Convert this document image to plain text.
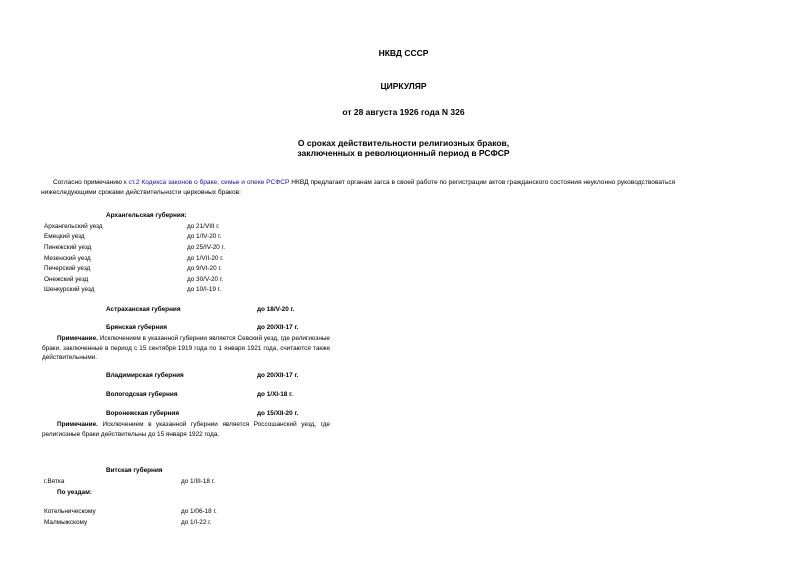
НКВД СССР
ЦИРКУЛЯР
от 28 августа 1926 года N 326
О сроках действительности религиозных браков,
заключенных в революционный период в РСФСР
Согласно примечанию к ст.2 Кодекса законов о браке, семье и опеке РСФСР НКВД предлагает органам загса в своей работе по регистрации актов гражданского состояния неуклонно руководствоваться
нижеследующими сроками действительности церковных браков:
Архангельская губерния:
Архангельский уезд	до 21/VIII г.
Емецкий уезд	до 1/IV-20 г.
Пинежский уезд	до 25/IV-20 г.
Мезенский уезд	до 1/VII-20 г.
Печерский уезд	до 9/VI-20 г.
Онежский уезд	до 30/V-20 г.
Шенкурский уезд	до 10/I-19 г.
Астраханская губерния	до 18/V-20 г.
Брянская губерния	до 20/XII-17 г.
Примечание. Исключением в указанной губернии является Севский уезд, где религиозные браки, заключенные в период с 15 сентября 1919 года по 1 января 1921 года, считаются также действительными.
Владимирская губерния	до 20/XII-17 г.
Вологодская губерния	до 1/XI-18 г.
Воронежская губерния	до 15/XII-20 г.
Примечание. Исключением в указанной губернии является Россошанский уезд, где религиозные браки действительны до 15 января 1922 года.
Витская губерния
г.Вятка	до 1/III-18 г.
По уездам:
Котельническому	до 1/06-18 г.
Малмыжскому	до 1/I-22 г.
